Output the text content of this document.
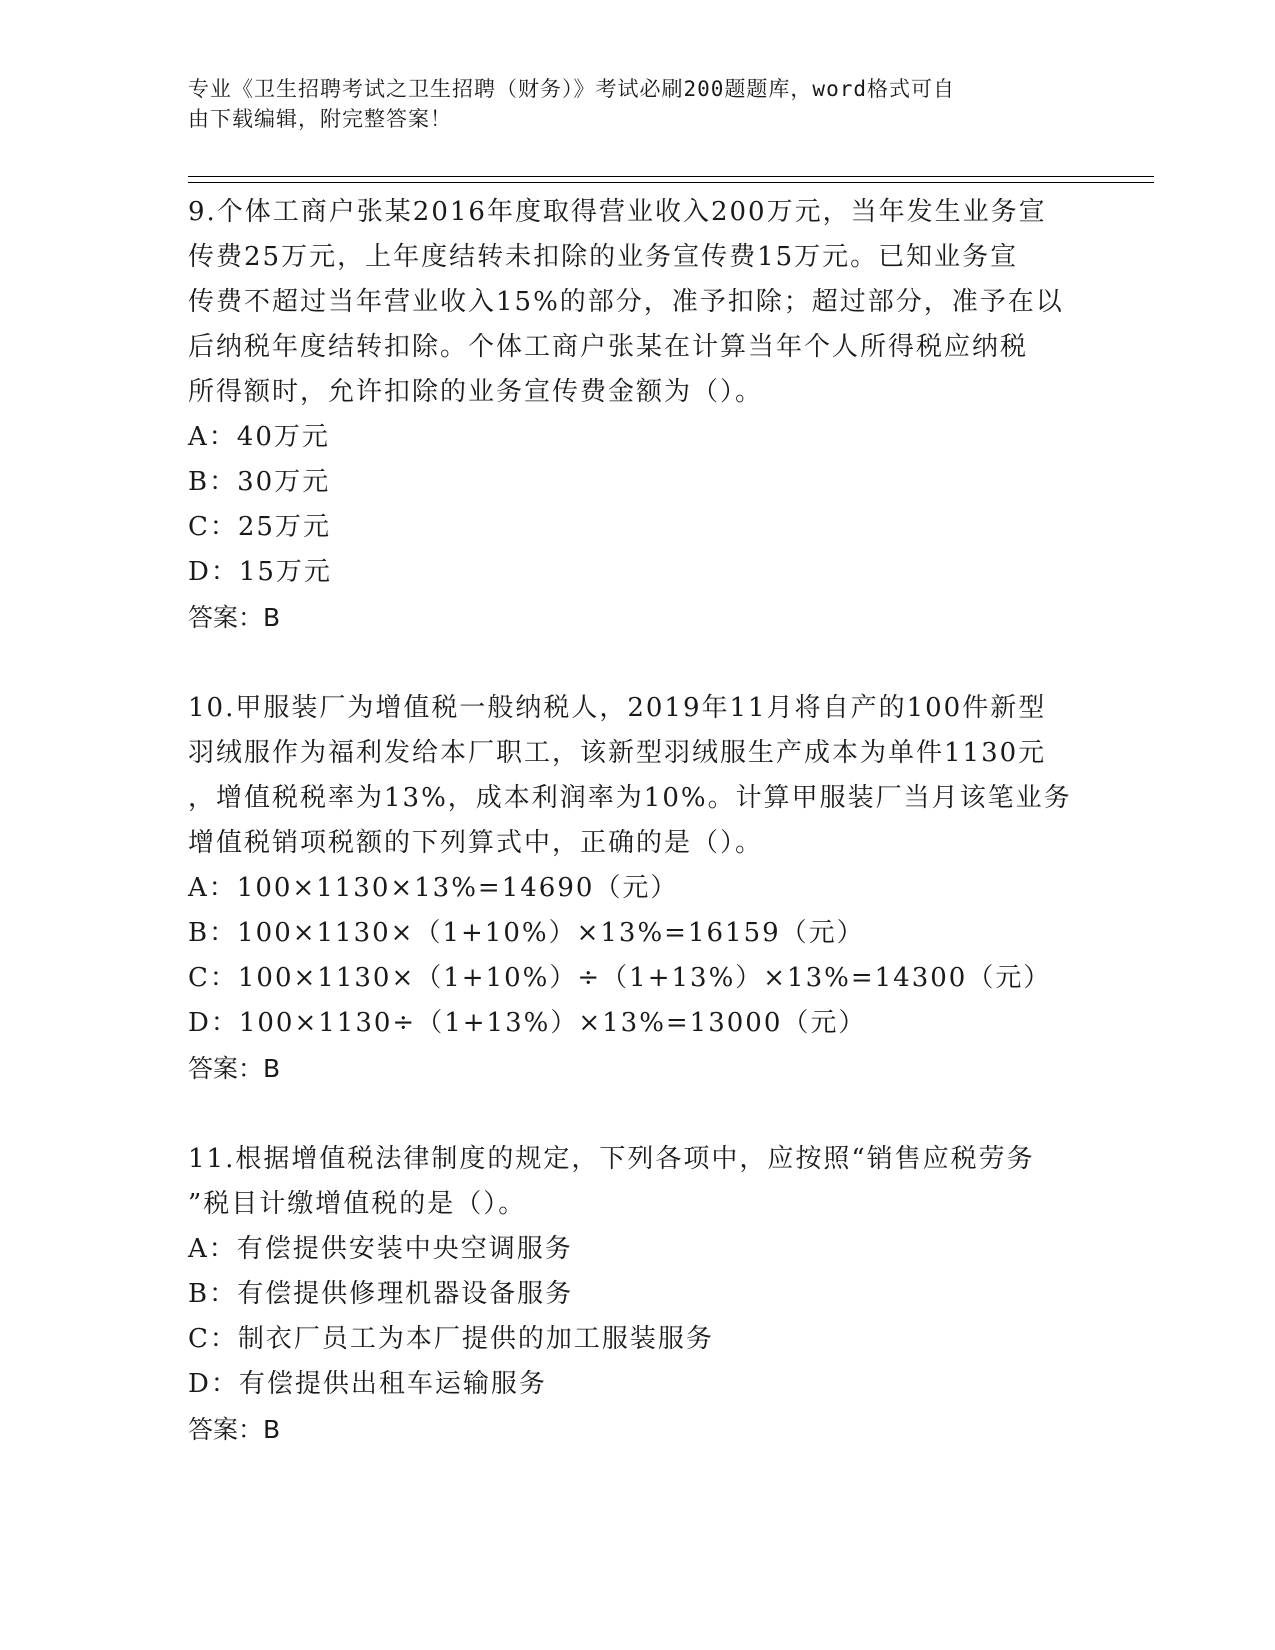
专业《卫生招聘考试之卫生招聘（财务）》考试必刷200题题库，word格式可自
由下载编辑，附完整答案！
9.个体工商户张某2016年度取得营业收入200万元，当年发生业务宣
传费25万元，上年度结转未扣除的业务宣传费15万元。已知业务宣
传费不超过当年营业收入15%的部分，准予扣除；超过部分，准予在以
后纳税年度结转扣除。个体工商户张某在计算当年个人所得税应纳税
所得额时，允许扣除的业务宣传费金额为（）。
A：40万元
B：30万元
C：25万元
D：15万元
答案：B
10.甲服装厂为增值税一般纳税人，2019年11月将自产的100件新型
羽绒服作为福利发给本厂职工，该新型羽绒服生产成本为单件1130元
，增值税税率为13%，成本利润率为10%。计算甲服装厂当月该笔业务
增值税销项税额的下列算式中，正确的是（）。
A：100×1130×13%=14690（元）
B：100×1130×（1+10%）×13%=16159（元）
C：100×1130×（1+10%）÷（1+13%）×13%=14300（元）
D：100×1130÷（1+13%）×13%=13000（元）
答案：B
11.根据增值税法律制度的规定，下列各项中，应按照“销售应税劳务
”税目计缴增值税的是（）。
A：有偿提供安装中央空调服务
B：有偿提供修理机器设备服务
C：制衣厂员工为本厂提供的加工服装服务
D：有偿提供出租车运输服务
答案：B
